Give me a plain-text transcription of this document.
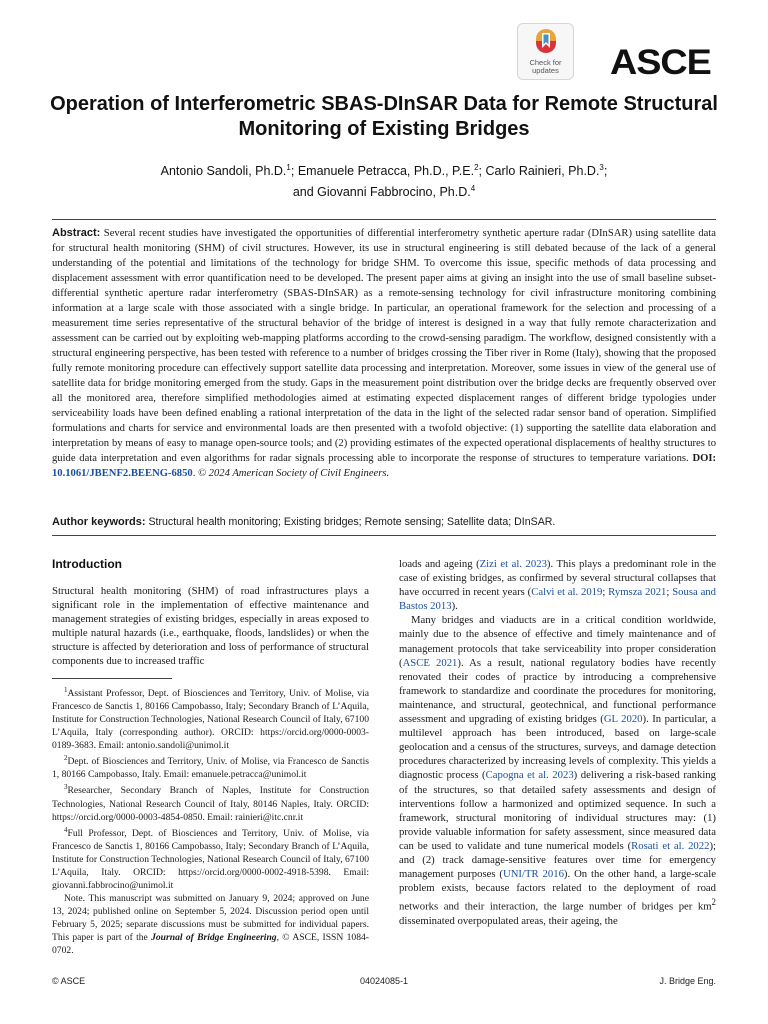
Check for updates	ASCE
Operation of Interferometric SBAS-DInSAR Data for Remote Structural Monitoring of Existing Bridges
Antonio Sandoli, Ph.D.$^1$; Emanuele Petracca, Ph.D., P.E.$^2$; Carlo Rainieri, Ph.D.$^3$;
and Giovanni Fabbrocino, Ph.D.$^4$
Abstract: Several recent studies have investigated the opportunities of differential interferometry synthetic aperture radar (DInSAR) using satellite data for structural health monitoring (SHM) of civil structures. However, its use in structural engineering is still debated because of the lack of a general understanding of the potential and limitations of the technology for bridge SHM. To overcome this issue, specific methods of data processing and displacement assessment with error quantification need to be developed. The present paper aims at giving an insight into the use of small baseline subset-differential synthetic aperture radar interferometry (SBAS-DInSAR) as a remote-sensing technology for civil infrastructure monitoring combining information at a large scale with those associated with a single bridge. In particular, an operational framework for the selection and processing of a measurement time series representative of the structural behavior of the bridge of interest is designed in a way that fully remote characterization and assessment can be carried out by exploiting web-mapping platforms according to the crowd-sensing paradigm. The workflow, designed consistently with a structural engineering perspective, has been tested with reference to a number of bridges crossing the Tiber river in Rome (Italy), showing that the proposed fully remote monitoring procedure can effectively support satellite data processing and interpretation. Moreover, some issues in view of the general use of satellite data for bridge monitoring emerged from the study. Gaps in the measurement point distribution over the bridge decks are frequently observed over all the monitored area, therefore simplified methodologies aimed at estimating expected displacement ranges of different bridge typologies under serviceability loads have been defined enabling a rational interpretation of the data in the light of the selected radar sensor band of operation. Simplified formulations and charts for service and environmental loads are then presented with a twofold objective: (1) supporting the satellite data elaboration and interpretation by means of easy to manage open-source tools; and (2) providing estimates of the expected operational displacements of healthy structures to guide data interpretation and even algorithms for radar signals processing able to incorporate the response of structures to temperature variations. DOI: 10.1061/JBENF2.BEENG-6850. © 2024 American Society of Civil Engineers.
Author keywords: Structural health monitoring; Existing bridges; Remote sensing; Satellite data; DInSAR.
Introduction

Structural health monitoring (SHM) of road infrastructures plays a significant role in the implementation of effective maintenance and management strategies of existing bridges, especially in areas exposed to multiple natural hazards (i.e., earthquake, floods, landslides) or when the structure is affected by deterioration and loss of performance of structural components due to increased traffic

$^1$Assistant Professor, Dept. of Biosciences and Territory, Univ. of Molise, via Francesco de Sanctis 1, 80166 Campobasso, Italy; Secondary Branch of L’Aquila, Institute for Construction Technologies, National Research Council of Italy, 67100 L’Aquila, Italy (corresponding author). ORCID: https://orcid.org/0000-0003-0189-3683. Email: antonio.sandoli@unimol.it

$^2$Dept. of Biosciences and Territory, Univ. of Molise, via Francesco de Sanctis 1, 80166 Campobasso, Italy. Email: emanuele.petracca@unimol.it

$^3$Researcher, Secondary Branch of Naples, Institute for Construction Technologies, National Research Council of Italy, 80146 Naples, Italy. ORCID: https://orcid.org/0000-0003-4854-0850. Email: rainieri@itc.cnr.it

$^4$Full Professor, Dept. of Biosciences and Territory, Univ. of Molise, via Francesco de Sanctis 1, 80166 Campobasso, Italy; Secondary Branch of L’Aquila, Institute for Construction Technologies, National Research Council of Italy, 67100 L’Aquila, Italy. ORCID: https://orcid.org/0000-0002-4918-5398. Email: giovanni.fabbrocino@unimol.it

Note. This manuscript was submitted on January 9, 2024; approved on June 13, 2024; published online on September 5, 2024. Discussion period open until February 5, 2025; separate discussions must be submitted for individual papers. This paper is part of the Journal of Bridge Engineering, © ASCE, ISSN 1084-0702.

loads and ageing (Zizi et al. 2023). This plays a predominant role in the case of existing bridges, as confirmed by several structural collapses that have occurred in recent years (Calvi et al. 2019; Rymsza 2021; Sousa and Bastos 2013).

Many bridges and viaducts are in a critical condition worldwide, mainly due to the absence of effective and timely maintenance and of management protocols that take serviceability into proper consideration (ASCE 2021). As a result, national regulatory bodies have recently renovated their codes of practice by introducing a comprehensive framework to standardize and coordinate the procedures for monitoring, maintenance, and structural, geotechnical, and functional performance assessment and upgrading of existing bridges (GL 2020). In particular, a multilevel approach has been introduced, based on large-scale geolocation and a census of the structures, surveys, and damage detection procedures characterized by increasing levels of complexity. This yields a diagnostic process (Capogna et al. 2023) delivering a risk-based ranking of the structures, so that detailed safety assessments and design of interventions follow a harmonized and optimized sequence. In such a framework, structural monitoring of individual structures may: (1) provide valuable information for safety assessment, since measured data can be used to validate and tune numerical models (Rosati et al. 2022); and (2) track damage-sensitive features over time for emergency management purposes (UNI/TR 2016). On the other hand, a large-scale problem exists, because factors related to the deployment of road networks and their interaction, the large number of bridges per $km^2$ disseminated overpopulated areas, their ageing, the

© ASCE	04024085-1	J. Bridge Eng.
